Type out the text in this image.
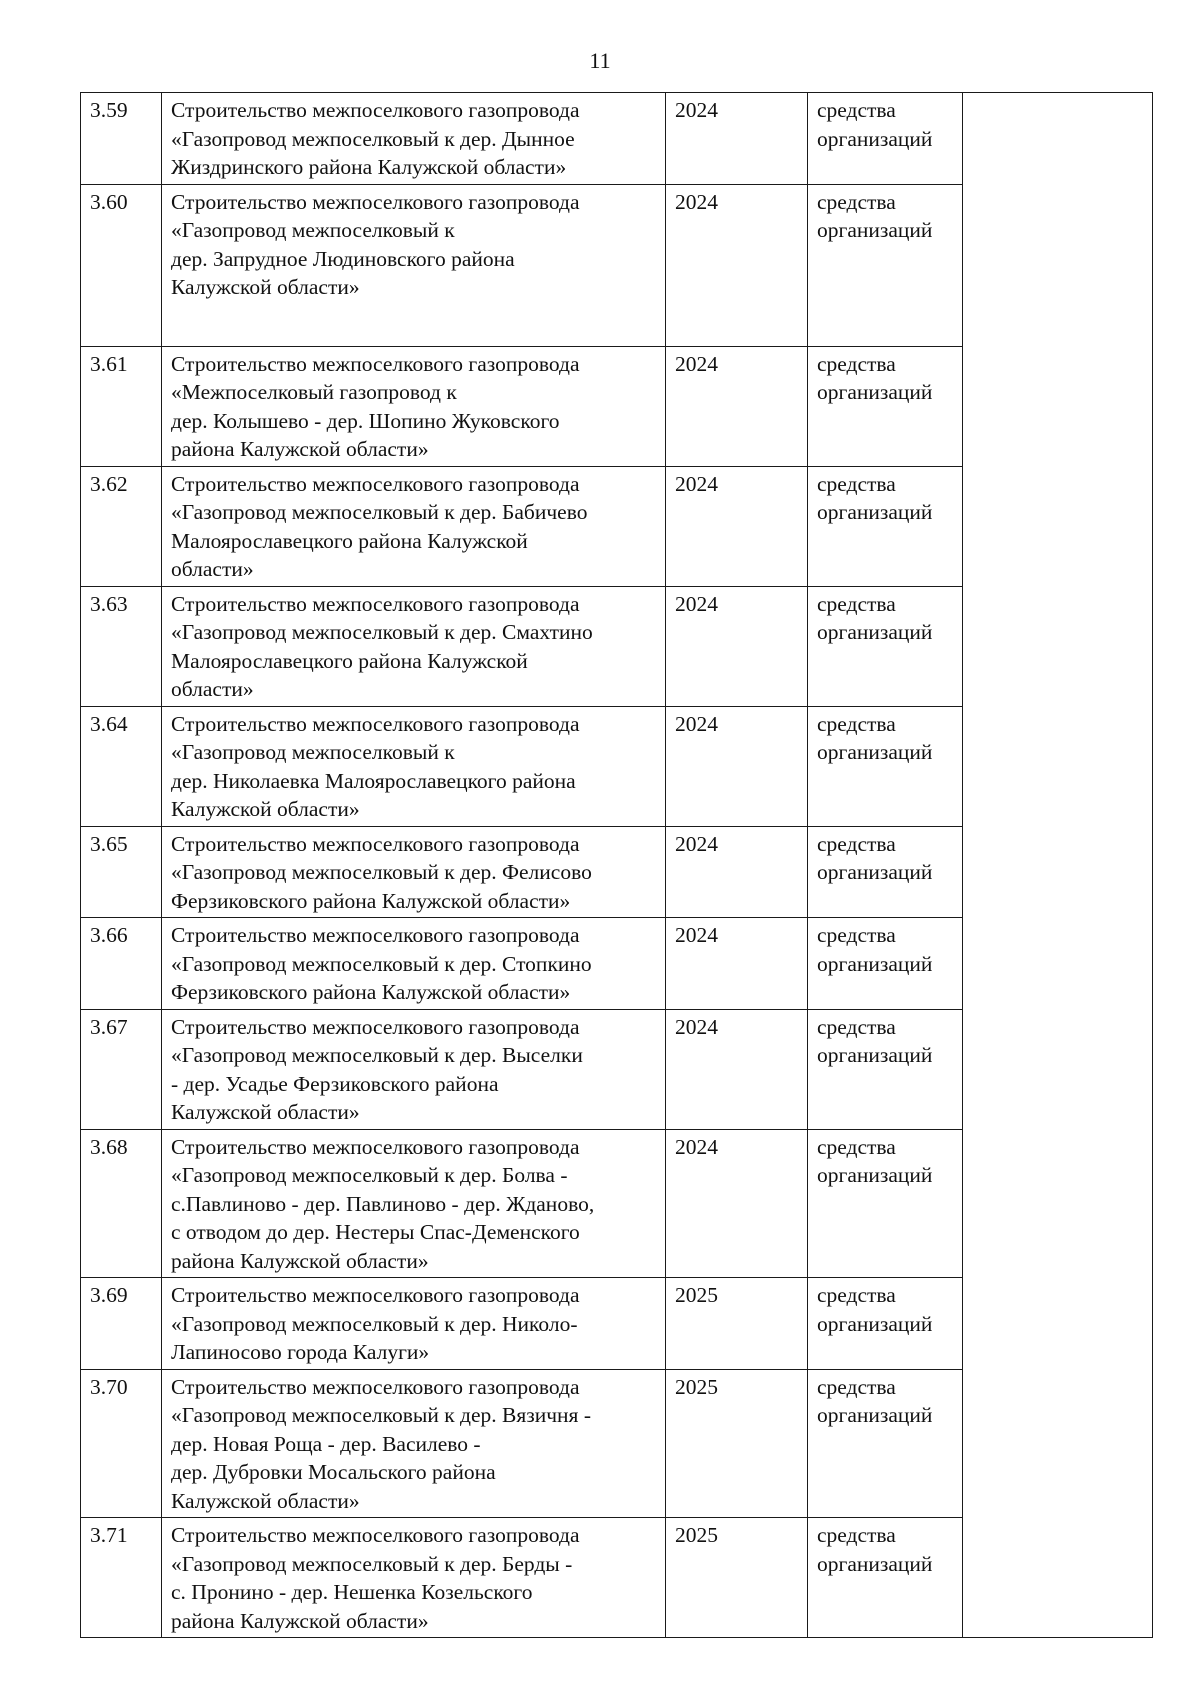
11
3.59	Строительство межпоселкового газопровода
«Газопровод межпоселковый к дер. Дынное
Жиздринского района Калужской области»	2024	средства
организаций	

3.60	Строительство межпоселкового газопровода
«Газопровод межпоселковый к
дер. Запрудное Людиновского района
Калужской области»	2024	средства
организаций	

3.61	Строительство межпоселкового газопровода
«Межпоселковый газопровод к
дер. Колышево - дер. Шопино Жуковского
района Калужской области»	2024	средства
организаций	

3.62	Строительство межпоселкового газопровода
«Газопровод межпоселковый к дер. Бабичево
Малоярославецкого района Калужской
области»	2024	средства
организаций	

3.63	Строительство межпоселкового газопровода
«Газопровод межпоселковый к дер. Смахтино
Малоярославецкого района Калужской
области»	2024	средства
организаций	

3.64	Строительство межпоселкового газопровода
«Газопровод межпоселковый к
дер. Николаевка Малоярославецкого района
Калужской области»	2024	средства
организаций	

3.65	Строительство межпоселкового газопровода
«Газопровод межпоселковый к дер. Фелисово
Ферзиковского района Калужской области»	2024	средства
организаций	

3.66	Строительство межпоселкового газопровода
«Газопровод межпоселковый к дер. Стопкино
Ферзиковского района Калужской области»	2024	средства
организаций	

3.67	Строительство межпоселкового газопровода
«Газопровод межпоселковый к дер. Выселки
- дер. Усадье Ферзиковского района
Калужской области»	2024	средства
организаций	

3.68	Строительство межпоселкового газопровода
«Газопровод межпоселковый к дер. Болва -
с.Павлиново - дер. Павлиново - дер. Жданово,
с отводом до дер. Нестеры Спас-Деменского
района Калужской области»	2024	средства
организаций	

3.69	Строительство межпоселкового газопровода
«Газопровод межпоселковый к дер. Николо-
Лапиносово города Калуги»	2025	средства
организаций	

3.70	Строительство межпоселкового газопровода
«Газопровод межпоселковый к дер. Вязичня -
дер. Новая Роща - дер. Василево -
дер. Дубровки Мосальского района
Калужской области»	2025	средства
организаций	

3.71	Строительство межпоселкового газопровода
«Газопровод межпоселковый к дер. Берды -
с. Пронино - дер. Нешенка Козельского
района Калужской области»	2025	средства
организаций	
